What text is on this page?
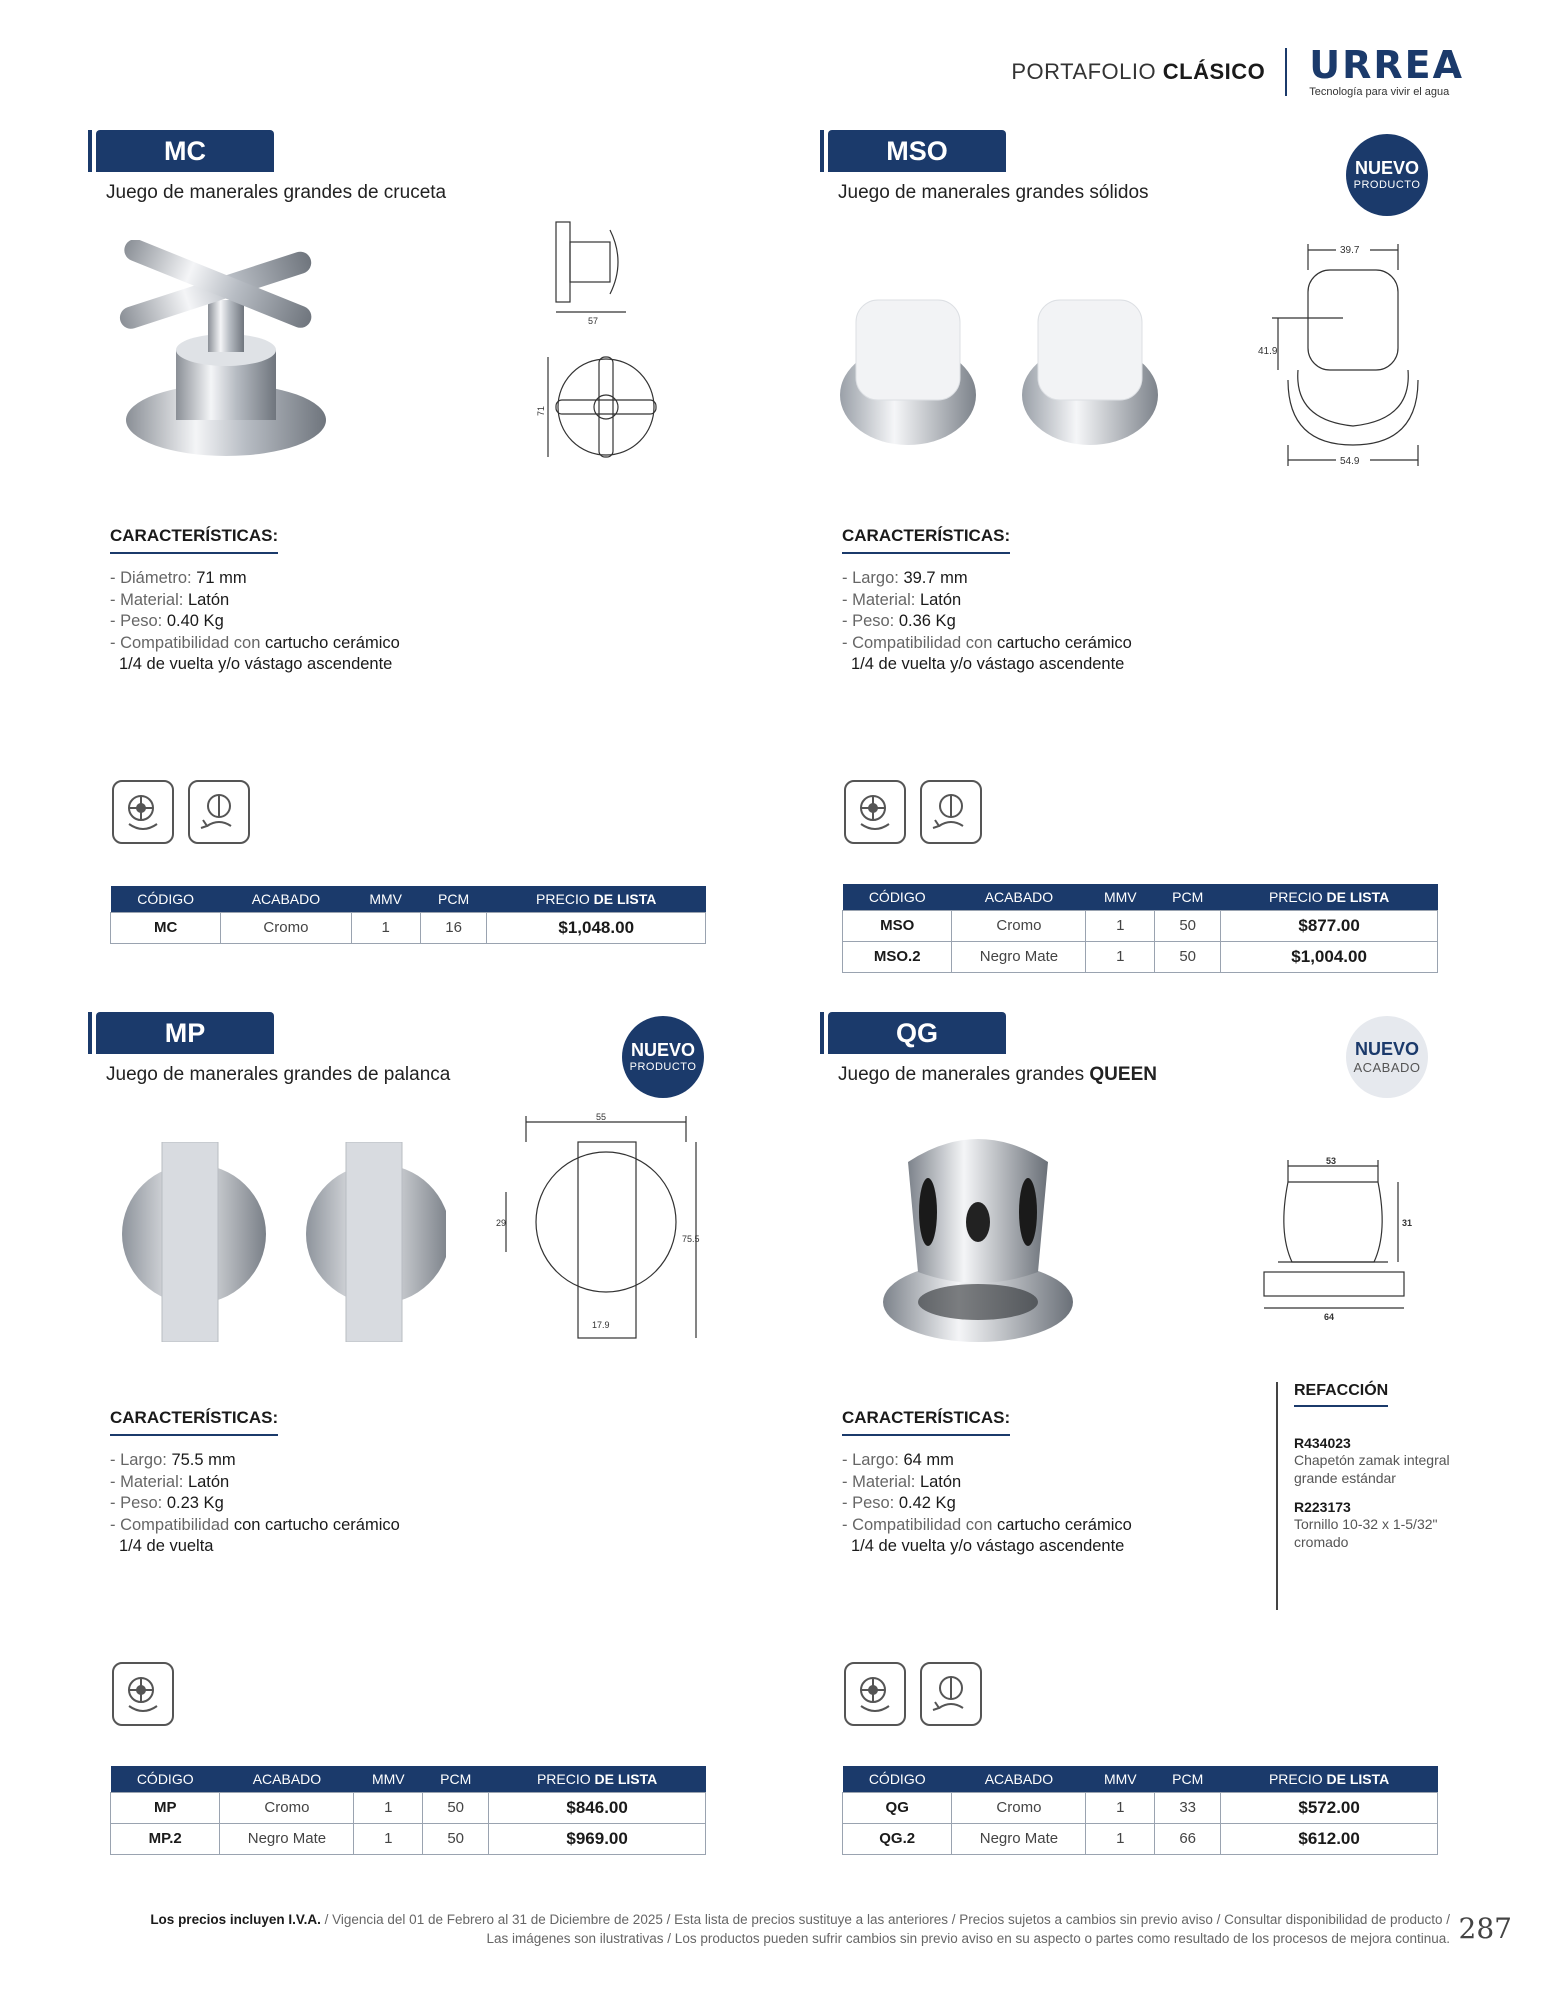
PORTAFOLIO CLÁSICO URREA
Tecnología para vivir el agua
MC
Juego de manerales grandes de cruceta
57
71
CARACTERÍSTICAS:
- Diámetro: 71 mm
- Material: Latón
- Peso: 0.40 Kg
- Compatibilidad con cartucho cerámico
1/4 de vuelta y/o vástago ascendente
CÓDIGO	ACABADO	MMV	PCM	PRECIO DE LISTA
MC	Cromo	1	16	$1,048.00
MSO
Juego de manerales grandes sólidos
NUEVO
PRODUCTO
39.7
41.9
54.9
CARACTERÍSTICAS:
- Largo: 39.7 mm
- Material: Latón
- Peso: 0.36 Kg
- Compatibilidad con cartucho cerámico
1/4 de vuelta y/o vástago ascendente
CÓDIGO	ACABADO	MMV	PCM	PRECIO DE LISTA
MSO	Cromo	1	50	$877.00
MSO.2	Negro Mate	1	50	$1,004.00
MP
Juego de manerales grandes de palanca
NUEVO
PRODUCTO
55
29
75.5
17.9
CARACTERÍSTICAS:
- Largo: 75.5 mm
- Material: Latón
- Peso: 0.23 Kg
- Compatibilidad con cartucho cerámico
1/4 de vuelta
CÓDIGO	ACABADO	MMV	PCM	PRECIO DE LISTA
MP	Cromo	1	50	$846.00
MP.2	Negro Mate	1	50	$969.00
QG
Juego de manerales grandes QUEEN
NUEVO
ACABADO
53
31
64
CARACTERÍSTICAS:
- Largo: 64 mm
- Material: Latón
- Peso: 0.42 Kg
- Compatibilidad con cartucho cerámico
1/4 de vuelta y/o vástago ascendente
CÓDIGO	ACABADO	MMV	PCM	PRECIO DE LISTA
QG	Cromo	1	33	$572.00
QG.2	Negro Mate	1	66	$612.00
REFACCIÓN
R434023
Chapetón zamak integral grande estándar
R223173
Tornillo 10-32 x 1-5/32" cromado
Los precios incluyen I.V.A. / Vigencia del 01 de Febrero al 31 de Diciembre de 2025 / Esta lista de precios sustituye a las anteriores / Precios sujetos a cambios sin previo aviso / Consultar disponibilidad de producto / Las imágenes son ilustrativas / Los productos pueden sufrir cambios sin previo aviso en su aspecto o partes como resultado de los procesos de mejora continua. 287
